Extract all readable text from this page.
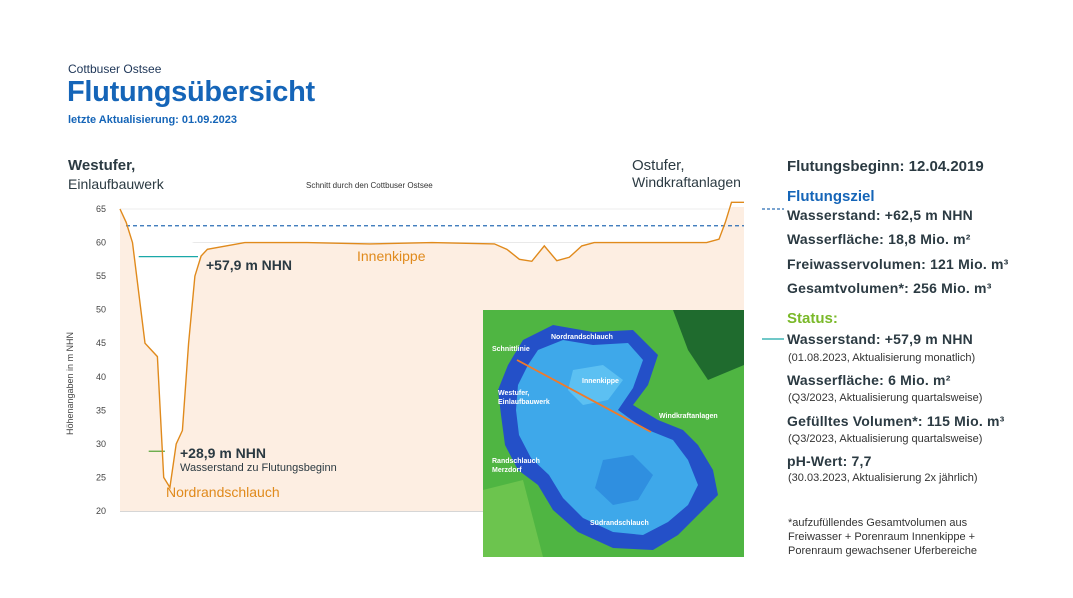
Cottbuser Ostsee
Flutungsübersicht
letzte Aktualisierung: 01.09.2023
Westufer,
Einlaufbauwerk
Ostufer,
Windkraftanlagen
Schnitt durch den Cottbuser Ostsee
65
60
55
50
45
40
35
30
25
20
Höhenangaben in m NHN
+57,9 m NHN
Innenkippe
+28,9 m NHN
Wasserstand zu Flutungsbeginn
Nordrandschlauch
Nordrandschlauch
Schnittlinie
Innenkippe
Westufer,
Einlaufbauwerk
Windkraftanlagen
Randschlauch
Merzdorf
Südrandschlauch
Flutungsbeginn: 12.04.2019
Flutungsziel
Wasserstand: +62,5 m NHN
Wasserfläche: 18,8 Mio. m²
Freiwasservolumen: 121 Mio. m³
Gesamtvolumen*: 256 Mio. m³
Status:
Wasserstand: +57,9 m NHN
(01.08.2023, Aktualisierung monatlich)
Wasserfläche: 6 Mio. m²
(Q3/2023, Aktualisierung quartalsweise)
Gefülltes Volumen*: 115 Mio. m³
(Q3/2023, Aktualisierung quartalsweise)
pH-Wert: 7,7
(30.03.2023, Aktualisierung 2x jährlich)
*aufzufüllendes Gesamtvolumen aus
Freiwasser + Porenraum Innenkippe +
Porenraum gewachsener Uferbereiche
